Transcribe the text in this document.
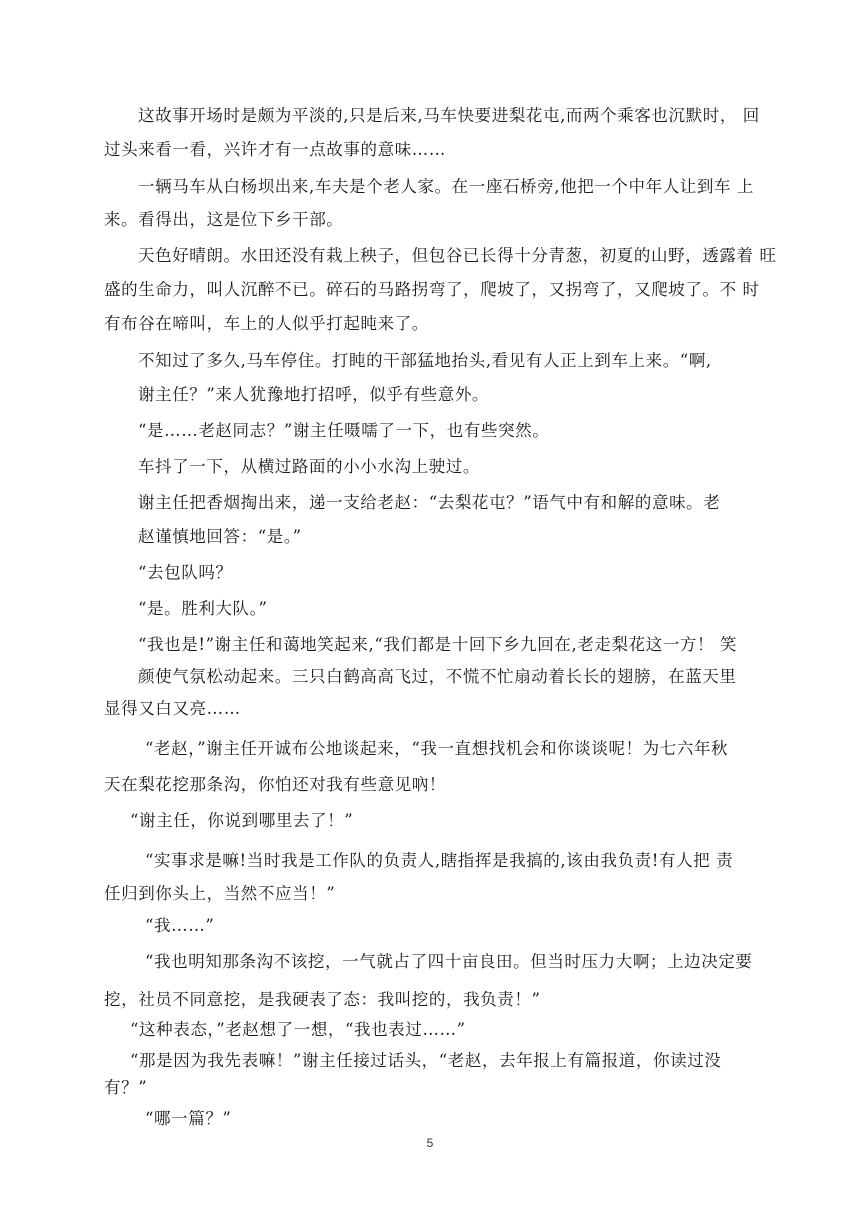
这故事开场时是颇为平淡的,只是后来,马车快要进梨花屯,而两个乘客也沉默时， 回
过头来看一看，兴许才有一点故事的意味……
一辆马车从白杨坝出来,车夫是个老人家。在一座石桥旁,他把一个中年人让到车 上
来。看得出，这是位下乡干部。
天色好晴朗。水田还没有栽上秧子，但包谷已长得十分青葱，初夏的山野，透露着 旺
盛的生命力，叫人沉醉不已。碎石的马路拐弯了，爬坡了，又拐弯了，又爬坡了。不 时
有布谷在啼叫，车上的人似乎打起盹来了。
不知过了多久,马车停住。打盹的干部猛地抬头,看见有人正上到车上来。“啊,
谢主任？”来人犹豫地打招呼，似乎有些意外。
“是……老赵同志？”谢主任嗫嚅了一下，也有些突然。
车抖了一下，从横过路面的小小水沟上驶过。
谢主任把香烟掏出来，递一支给老赵：“去梨花屯？”语气中有和解的意味。老
赵谨慎地回答：“是。”
“去包队吗？
“是。胜利大队。”
“我也是!”谢主任和蔼地笑起来,“我们都是十回下乡九回在,老走梨花这一方！ 笑
颜使气氛松动起来。三只白鹤高高飞过，不慌不忙扇动着长长的翅膀，在蓝天里
显得又白又亮……
“老赵，”谢主任开诚布公地谈起来，“我一直想找机会和你谈谈呢！为七六年秋
天在梨花挖那条沟，你怕还对我有些意见吶！
“谢主任，你说到哪里去了！”
“实事求是嘛!当时我是工作队的负责人,瞎指挥是我搞的,该由我负责!有人把 责
任归到你头上，当然不应当！”
“我……”
“我也明知那条沟不该挖，一气就占了四十亩良田。但当时压力大啊；上边决定要
挖，社员不同意挖，是我硬表了态：我叫挖的，我负责！”
“这种表态，”老赵想了一想，“我也表过……”
“那是因为我先表嘛！”谢主任接过话头，“老赵，去年报上有篇报道，你读过没
有？”
“哪一篇？”
5
